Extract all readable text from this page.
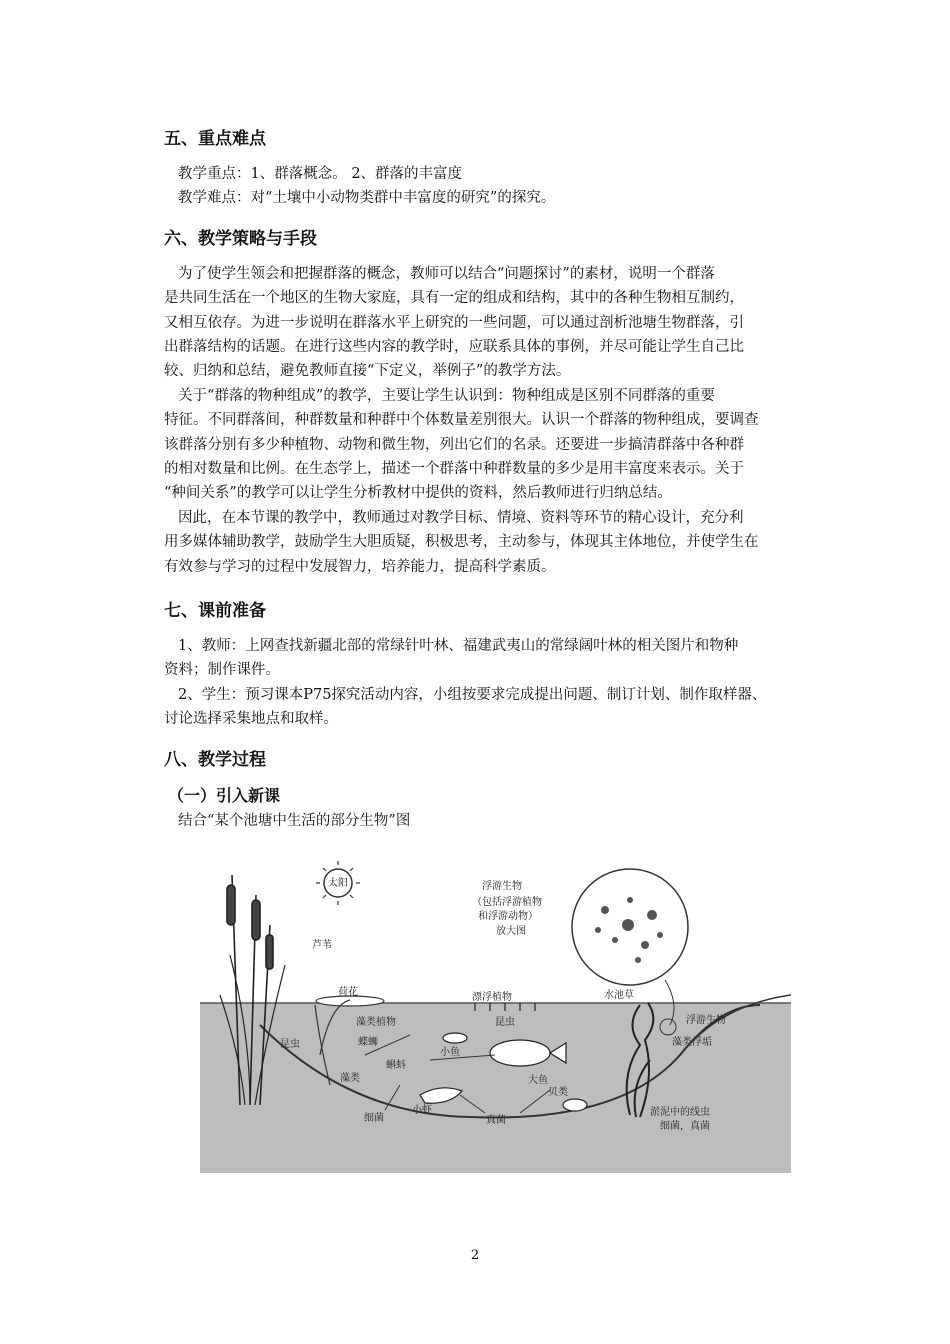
五、重点难点
教学重点：1、群落概念。 2、群落的丰富度
教学难点：对“土壤中小动物类群中丰富度的研究”的探究。
六、教学策略与手段
为了使学生领会和把握群落的概念，教师可以结合“问题探讨”的素材，说明一个群落
是共同生活在一个地区的生物大家庭，具有一定的组成和结构，其中的各种生物相互制约，
又相互依存。为进一步说明在群落水平上研究的一些问题，可以通过剖析池塘生物群落，引
出群落结构的话题。在进行这些内容的教学时，应联系具体的事例，并尽可能让学生自己比
较、归纳和总结，避免教师直接“下定义，举例子”的教学方法。
关于“群落的物种组成”的教学，主要让学生认识到：物种组成是区别不同群落的重要
特征。不同群落间，种群数量和种群中个体数量差别很大。认识一个群落的物种组成，要调查
该群落分别有多少种植物、动物和微生物，列出它们的名录。还要进一步搞清群落中各种群
的相对数量和比例。在生态学上，描述一个群落中种群数量的多少是用丰富度来表示。关于
“种间关系”的教学可以让学生分析教材中提供的资料，然后教师进行归纳总结。
因此，在本节课的教学中，教师通过对教学目标、情境、资料等环节的精心设计，充分利
用多媒体辅助教学，鼓励学生大胆质疑，积极思考，主动参与，体现其主体地位，并使学生在
有效参与学习的过程中发展智力，培养能力，提高科学素质。
七、课前准备
1、教师：上网查找新疆北部的常绿针叶林、福建武夷山的常绿阔叶林的相关图片和物种
资料；制作课件。
2、学生：预习课本P75探究活动内容，小组按要求完成提出问题、制订计划、制作取样器、
讨论选择采集地点和取样。
八、教学过程
（一）引入新课
结合“某个池塘中生活的部分生物”图
太阳	浮游生物
（包括浮游植物
和浮游动物）
放大图
芦苇
荷花	漂浮植物	水池草
浮游生物
藻类植物	昆虫
昆虫	蝶蛳
小鱼
藻类浮垢
藻类
蝌蚪
大鱼
贝类
小虾
细菌	真菌
淤泥中的线虫
细菌，真菌
2
